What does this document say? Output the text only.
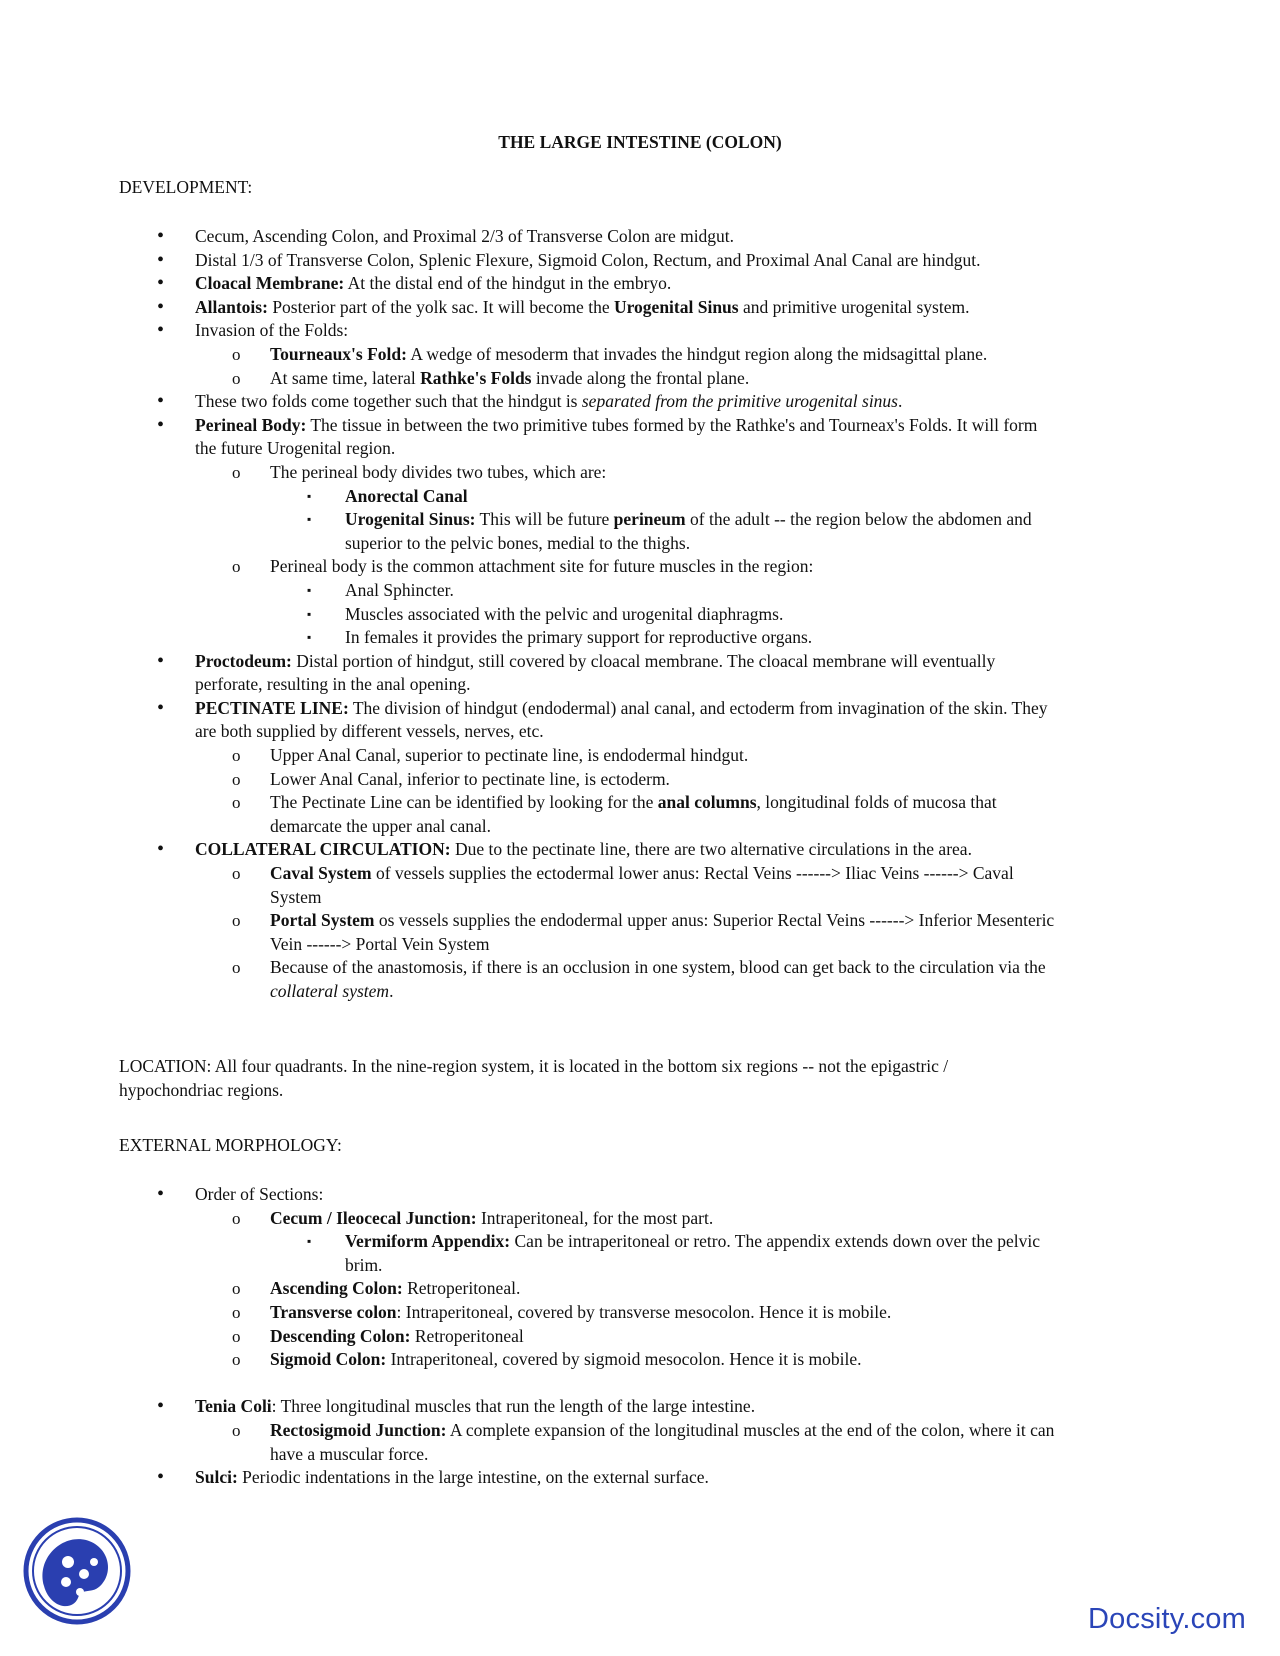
THE LARGE INTESTINE (COLON)
DEVELOPMENT:
• Cecum, Ascending Colon, and Proximal 2/3 of Transverse Colon are midgut.
• Distal 1/3 of Transverse Colon, Splenic Flexure, Sigmoid Colon, Rectum, and Proximal Anal Canal are hindgut.
• Cloacal Membrane: At the distal end of the hindgut in the embryo.
• Allantois: Posterior part of the yolk sac. It will become the Urogenital Sinus and primitive urogenital system.
• Invasion of the Folds:
o Tourneaux's Fold: A wedge of mesoderm that invades the hindgut region along the midsagittal plane.
o At same time, lateral Rathke's Folds invade along the frontal plane.
• These two folds come together such that the hindgut is separated from the primitive urogenital sinus.
• Perineal Body: The tissue in between the two primitive tubes formed by the Rathke's and Tourneax's Folds. It will form
the future Urogenital region.
o The perineal body divides two tubes, which are:
▪ Anorectal Canal
▪ Urogenital Sinus: This will be future perineum of the adult -- the region below the abdomen and
superior to the pelvic bones, medial to the thighs.
o Perineal body is the common attachment site for future muscles in the region:
▪ Anal Sphincter.
▪ Muscles associated with the pelvic and urogenital diaphragms.
▪ In females it provides the primary support for reproductive organs.
• Proctodeum: Distal portion of hindgut, still covered by cloacal membrane. The cloacal membrane will eventually
perforate, resulting in the anal opening.
• PECTINATE LINE: The division of hindgut (endodermal) anal canal, and ectoderm from invagination of the skin. They
are both supplied by different vessels, nerves, etc.
o Upper Anal Canal, superior to pectinate line, is endodermal hindgut.
o Lower Anal Canal, inferior to pectinate line, is ectoderm.
o The Pectinate Line can be identified by looking for the anal columns, longitudinal folds of mucosa that
demarcate the upper anal canal.
• COLLATERAL CIRCULATION: Due to the pectinate line, there are two alternative circulations in the area.
o Caval System of vessels supplies the ectodermal lower anus: Rectal Veins ------> Iliac Veins ------> Caval
System
o Portal System os vessels supplies the endodermal upper anus: Superior Rectal Veins ------> Inferior Mesenteric
Vein ------> Portal Vein System
o Because of the anastomosis, if there is an occlusion in one system, blood can get back to the circulation via the
collateral system.
LOCATION: All four quadrants. In the nine-region system, it is located in the bottom six regions -- not the epigastric /
hypochondriac regions.
EXTERNAL MORPHOLOGY:
• Order of Sections:
o Cecum / Ileocecal Junction: Intraperitoneal, for the most part.
▪ Vermiform Appendix: Can be intraperitoneal or retro. The appendix extends down over the pelvic
brim.
o Ascending Colon: Retroperitoneal.
o Transverse colon: Intraperitoneal, covered by transverse mesocolon. Hence it is mobile.
o Descending Colon: Retroperitoneal
o Sigmoid Colon: Intraperitoneal, covered by sigmoid mesocolon. Hence it is mobile.
• Tenia Coli: Three longitudinal muscles that run the length of the large intestine.
o Rectosigmoid Junction: A complete expansion of the longitudinal muscles at the end of the colon, where it can
have a muscular force.
• Sulci: Periodic indentations in the large intestine, on the external surface.
Docsity.com
